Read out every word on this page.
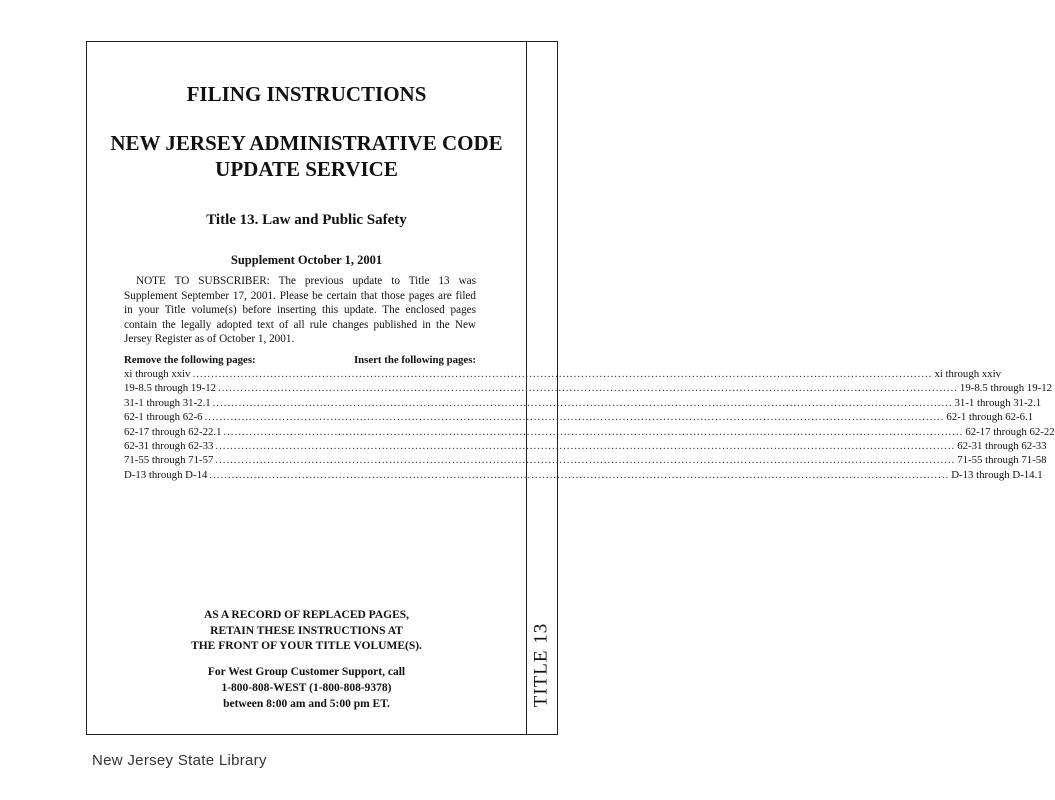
TITLE 13
FILING INSTRUCTIONS
NEW JERSEY ADMINISTRATIVE CODE
UPDATE SERVICE
Title 13. Law and Public Safety
Supplement October 1, 2001

NOTE TO SUBSCRIBER: The previous update to Title 13 was Supplement September 17, 2001. Please be certain that those pages are filed in your Title volume(s) before inserting this update. The enclosed pages contain the legally adopted text of all rule changes published in the New Jersey Register as of October 1, 2001.

Remove the following pages:	Insert the following pages:
xi through xxiv ........................................................................................................................................................................................................ xi through xxiv
19-8.5 through 19-12 ........................................................................................................................................................................................................ 19-8.5 through 19-12
31-1 through 31-2.1 ........................................................................................................................................................................................................ 31-1 through 31-2.1
62-1 through 62-6 ........................................................................................................................................................................................................ 62-1 through 62-6.1
62-17 through 62-22.1 ........................................................................................................................................................................................................ 62-17 through 62-22
62-31 through 62-33 ........................................................................................................................................................................................................ 62-31 through 62-33
71-55 through 71-57 ........................................................................................................................................................................................................ 71-55 through 71-58
D-13 through D-14 ........................................................................................................................................................................................................ D-13 through D-14.1
AS A RECORD OF REPLACED PAGES,
RETAIN THESE INSTRUCTIONS AT
THE FRONT OF YOUR TITLE VOLUME(S).
For West Group Customer Support, call
1-800-808-WEST (1-800-808-9378)
between 8:00 am and 5:00 pm ET.
New Jersey State Library
